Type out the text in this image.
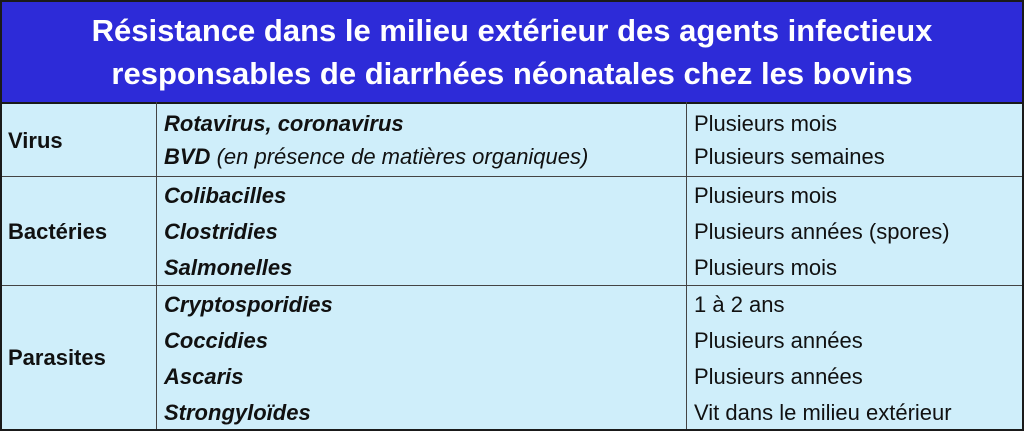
Résistance dans le milieu extérieur des agents infectieux
responsables de diarrhées néonatales chez les bovins
Virus
Rotavirus, coronavirus	Plusieurs mois
BVD (en présence de matières organiques)	Plusieurs semaines
Bactéries
Colibacilles	Plusieurs mois
Clostridies	Plusieurs années (spores)
Salmonelles	Plusieurs mois
Parasites
Cryptosporidies	1 à 2 ans
Coccidies	Plusieurs années
Ascaris	Plusieurs années
Strongyloïdes	Vit dans le milieu extérieur
